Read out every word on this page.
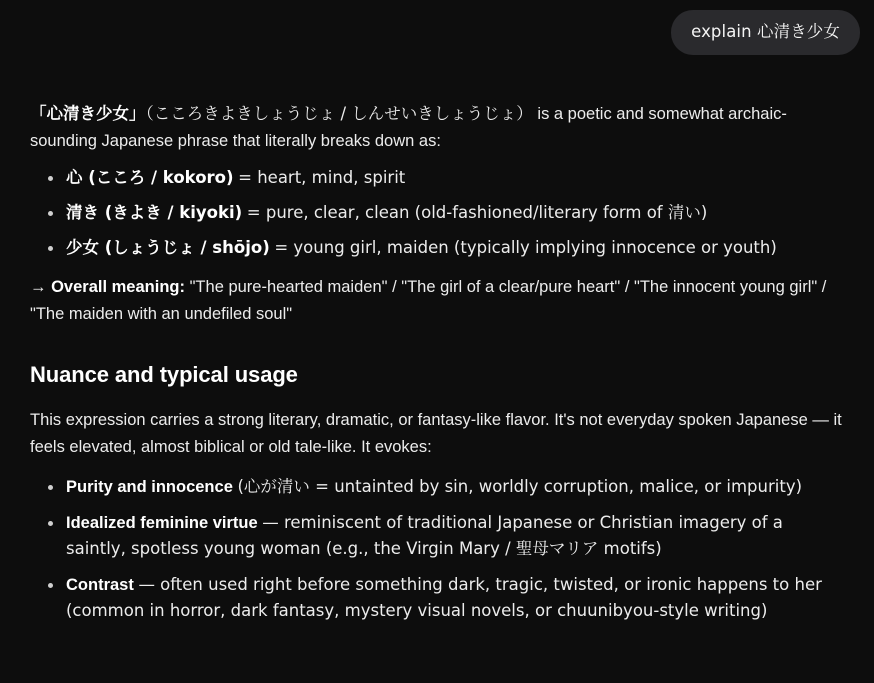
explain 心清き少女

「心清き少女」（こころきよきしょうじょ / しんせいきしょうじょ） is a poetic and somewhat archaic-sounding Japanese phrase that literally breaks down as:

心 (こころ / kokoro) = heart, mind, spirit
清き (きよき / kiyoki) = pure, clear, clean (old-fashioned/literary form of 清い)
少女 (しょうじょ / shōjo) = young girl, maiden (typically implying innocence or youth)

→ Overall meaning: "The pure-hearted maiden" / "The girl of a clear/pure heart" / "The innocent young girl" / "The maiden with an undefiled soul"

Nuance and typical usage

This expression carries a strong literary, dramatic, or fantasy-like flavor. It's not everyday spoken Japanese — it feels elevated, almost biblical or old tale-like. It evokes:

Purity and innocence (心が清い = untainted by sin, worldly corruption, malice, or impurity)
Idealized feminine virtue — reminiscent of traditional Japanese or Christian imagery of a saintly, spotless young woman (e.g., the Virgin Mary / 聖母マリア motifs)
Contrast — often used right before something dark, tragic, twisted, or ironic happens to her (common in horror, dark fantasy, mystery visual novels, or chuunibyou-style writing)
